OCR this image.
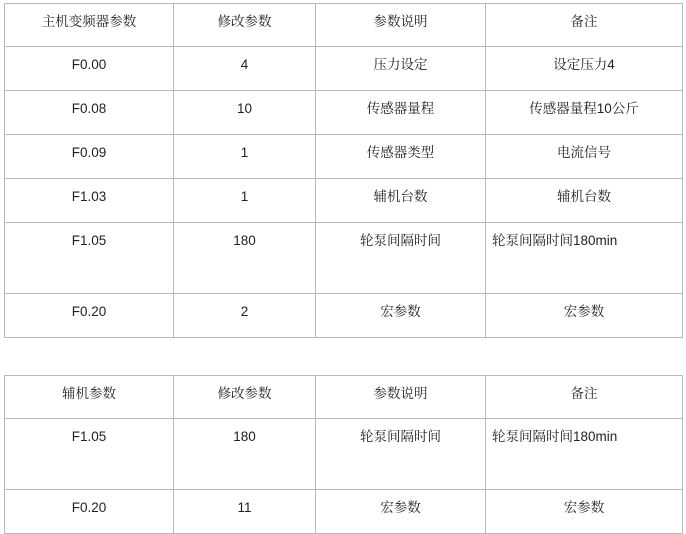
主机变频器参数	修改参数	参数说明	备注
F0.00	4	压力设定	设定压力4
F0.08	10	传感器量程	传感器量程10公斤
F0.09	1	传感器类型	电流信号
F1.03	1	辅机台数	辅机台数
F1.05	180	轮泵间隔时间	轮泵间隔时间180min
F0.20	2	宏参数	宏参数
辅机参数	修改参数	参数说明	备注
F1.05	180	轮泵间隔时间	轮泵间隔时间180min
F0.20	11	宏参数	宏参数
